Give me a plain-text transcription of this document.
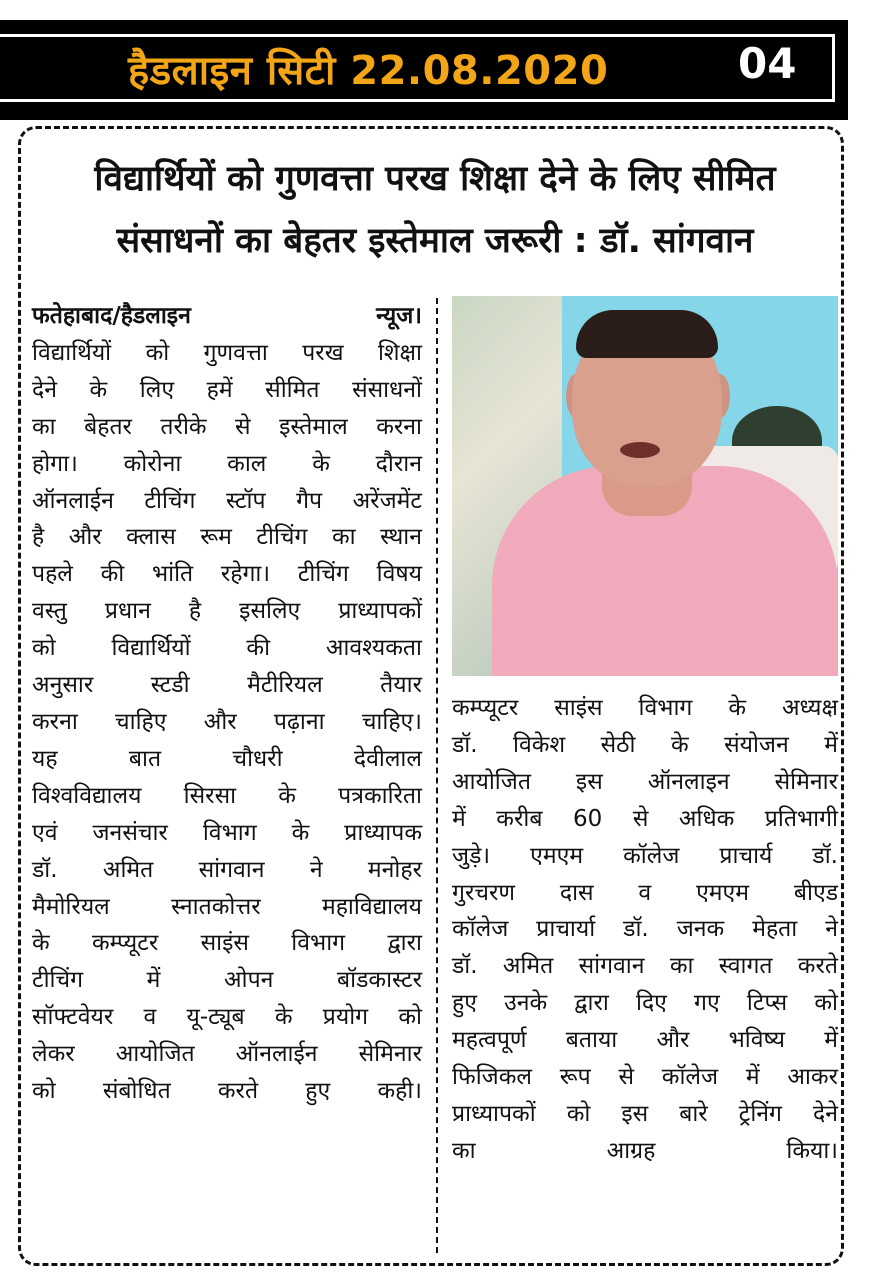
हैडलाइन सिटी 22.08.2020	04
विद्यार्थियों को गुणवत्ता परख शिक्षा देने के लिए सीमित
संसाधनों का बेहतर इस्तेमाल जरूरी : डॉ. सांगवान
फतेहाबाद/हैडलाइन न्यूज।
विद्यार्थियों को गुणवत्ता परख शिक्षा
देने के लिए हमें सीमित संसाधनों
का बेहतर तरीके से इस्तेमाल करना
होगा। कोरोना काल के दौरान
ऑनलाईन टीचिंग स्टॉप गैप अरेंजमेंट
है और क्लास रूम टीचिंग का स्थान
पहले की भांति रहेगा। टीचिंग विषय
वस्तु प्रधान है इसलिए प्राध्यापकों
को विद्यार्थियों की आवश्यकता
अनुसार स्टडी मैटीरियल तैयार
करना चाहिए और पढ़ाना चाहिए।
यह बात चौधरी देवीलाल
विश्वविद्यालय सिरसा के पत्रकारिता
एवं जनसंचार विभाग के प्राध्यापक
डॉ. अमित सांगवान ने मनोहर
मैमोरियल स्नातकोत्तर महाविद्यालय
के कम्प्यूटर साइंस विभाग द्वारा
टीचिंग में ओपन बॉडकास्टर
सॉफ्टवेयर व यू-ट्यूब के प्रयोग को
लेकर आयोजित ऑनलाईन सेमिनार
को संबोधित करते हुए कही।
कम्प्यूटर साइंस विभाग के अध्यक्ष
डॉ. विकेश सेठी के संयोजन में
आयोजित इस ऑनलाइन सेमिनार
में करीब 60 से अधिक प्रतिभागी
जुड़े। एमएम कॉलेज प्राचार्य डॉ.
गुरचरण दास व एमएम बीएड
कॉलेज प्राचार्या डॉ. जनक मेहता ने
डॉ. अमित सांगवान का स्वागत करते
हुए उनके द्वारा दिए गए टिप्स को
महत्वपूर्ण बताया और भविष्य में
फिजिकल रूप से कॉलेज में आकर
प्राध्यापकों को इस बारे ट्रेनिंग देने
का आग्रह किया।
